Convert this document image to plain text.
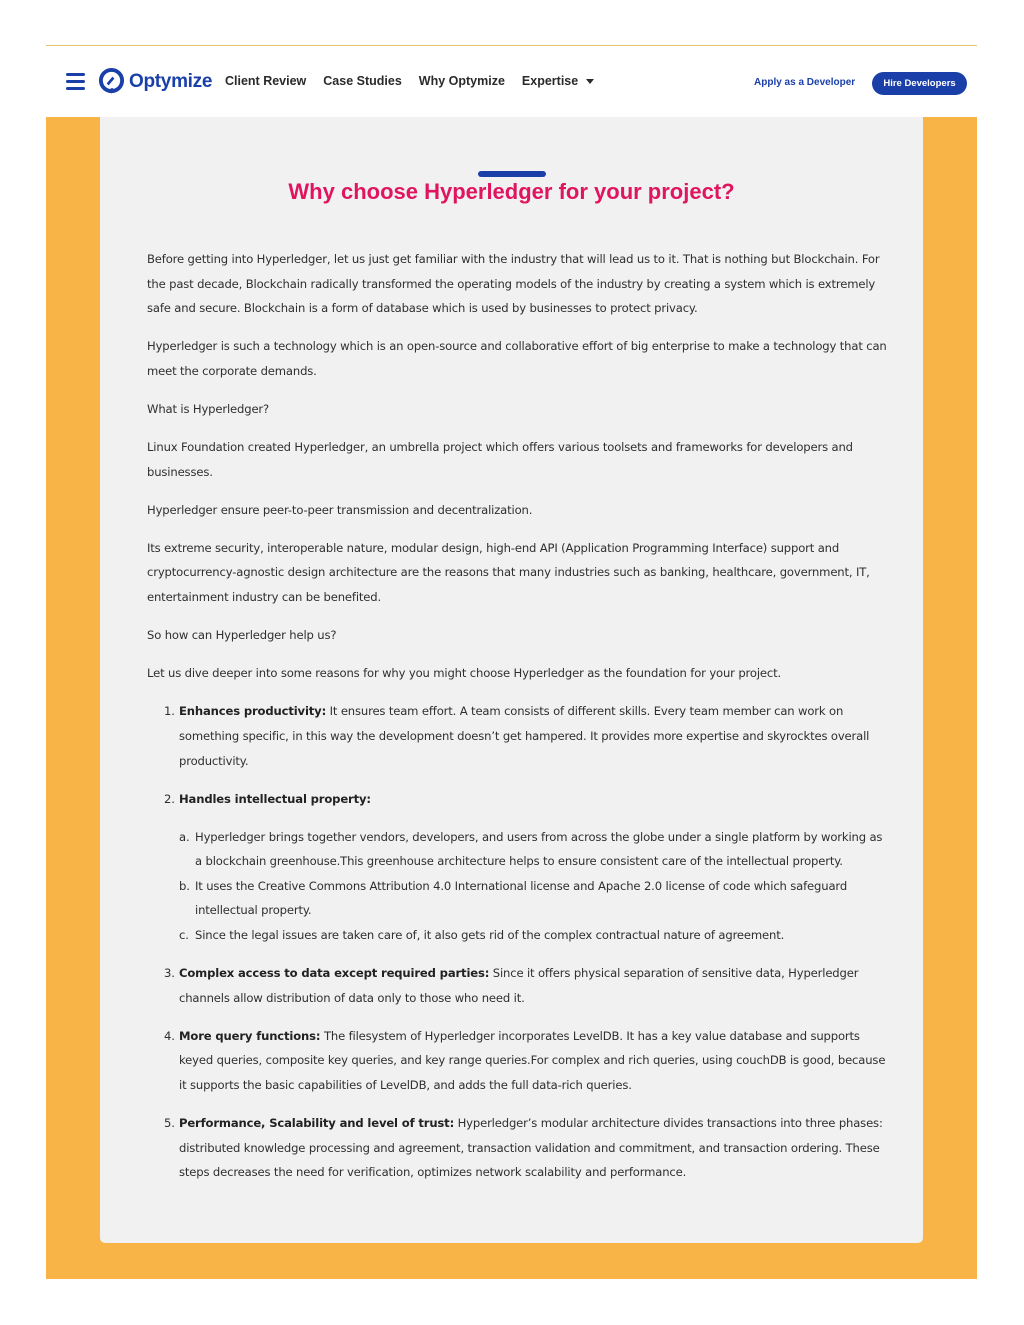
Optymize Client Review Case Studies Why Optymize Expertise	Apply as a Developer	Hire Developers
Why choose Hyperledger for your project?

Before getting into Hyperledger, let us just get familiar with the industry that will lead us to it. That is nothing but Blockchain. For the past decade, Blockchain radically transformed the operating models of the industry by creating a system which is extremely safe and secure. Blockchain is a form of database which is used by businesses to protect privacy.

Hyperledger is such a technology which is an open-source and collaborative effort of big enterprise to make a technology that can meet the corporate demands.

What is Hyperledger?

Linux Foundation created Hyperledger, an umbrella project which offers various toolsets and frameworks for developers and businesses.

Hyperledger ensure peer-to-peer transmission and decentralization.

Its extreme security, interoperable nature, modular design, high-end API (Application Programming Interface) support and cryptocurrency-agnostic design architecture are the reasons that many industries such as banking, healthcare, government, IT, entertainment industry can be benefited.

So how can Hyperledger help us?

Let us dive deeper into some reasons for why you might choose Hyperledger as the foundation for your project.

1. Enhances productivity: It ensures team effort. A team consists of different skills. Every team member can work on something specific, in this way the development doesn’t get hampered. It provides more expertise and skyrocktes overall productivity.
2. Handles intellectual property:
a. Hyperledger brings together vendors, developers, and users from across the globe under a single platform by working as a blockchain greenhouse.This greenhouse architecture helps to ensure consistent care of the intellectual property.
b. It uses the Creative Commons Attribution 4.0 International license and Apache 2.0 license of code which safeguard intellectual property.
c. Since the legal issues are taken care of, it also gets rid of the complex contractual nature of agreement.
3. Complex access to data except required parties: Since it offers physical separation of sensitive data, Hyperledger channels allow distribution of data only to those who need it.
4. More query functions: The filesystem of Hyperledger incorporates LevelDB. It has a key value database and supports keyed queries, composite key queries, and key range queries.For complex and rich queries, using couchDB is good, because it supports the basic capabilities of LevelDB, and adds the full data-rich queries.
5. Performance, Scalability and level of trust: Hyperledger’s modular architecture divides transactions into three phases: distributed knowledge processing and agreement, transaction validation and commitment, and transaction ordering. These steps decreases the need for verification, optimizes network scalability and performance.
